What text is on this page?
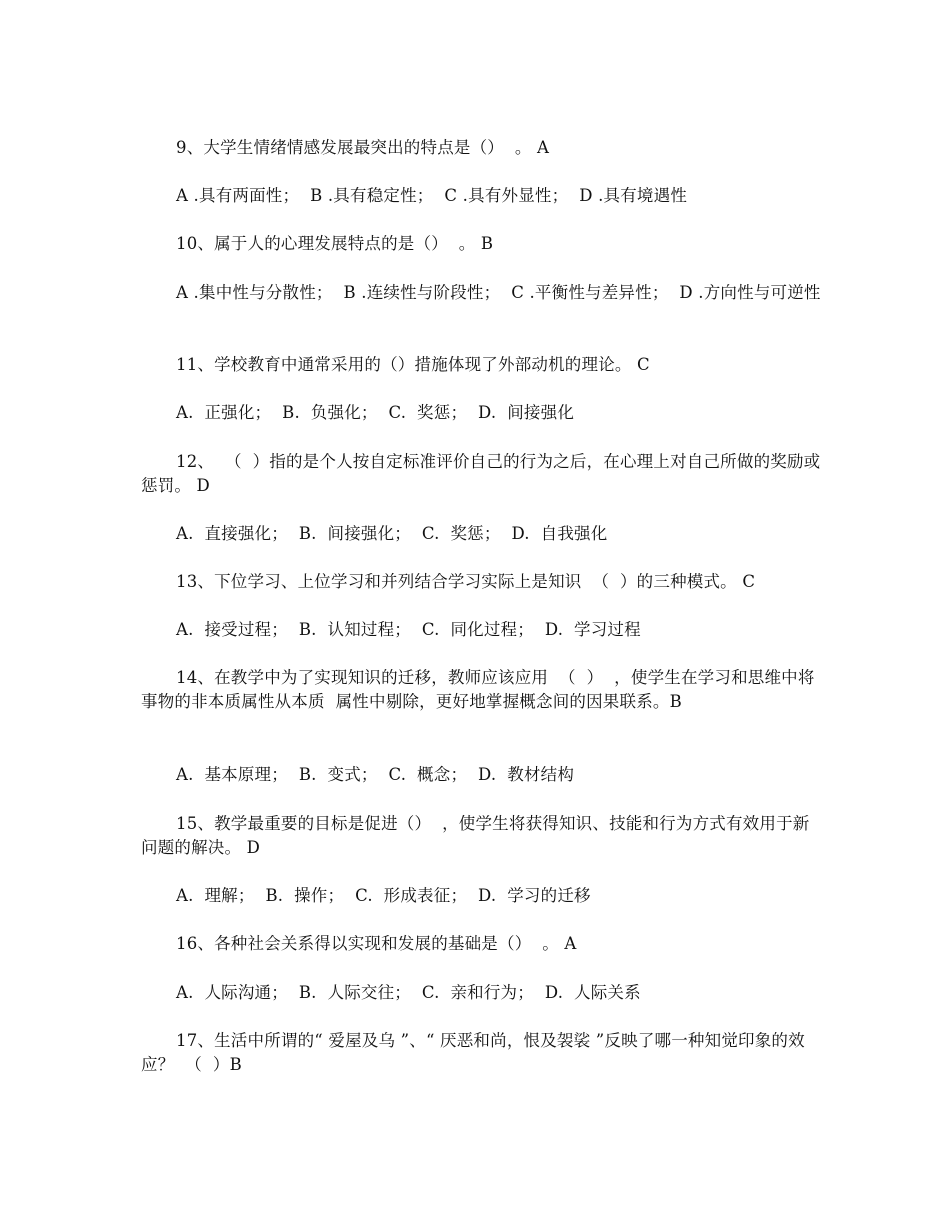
9、大学生情绪情感发展最突出的特点是（）  。 A
A .具有两面性；  B .具有稳定性；  C .具有外显性；  D .具有境遇性
10、属于人的心理发展特点的是（）  。 B
A .集中性与分散性；  B .连续性与阶段性；  C .平衡性与差异性；  D .方向性与可逆性
11、学校教育中通常采用的（）措施体现了外部动机的理论。 C
A.  正强化；  B.  负强化；  C.  奖惩；  D.  间接强化
12、  （  ）指的是个人按自定标准评价自己的行为之后，在心理上对自己所做的奖励或惩罚。 D
A.  直接强化；  B.  间接强化；  C.  奖惩；  D.  自我强化
13、下位学习、上位学习和并列结合学习实际上是知识  （  ）的三种模式。 C
A.  接受过程；  B.  认知过程；  C.  同化过程；  D.  学习过程
14、在教学中为了实现知识的迁移，教师应该应用  （  ）  ，使学生在学习和思维中将事物的非本质属性从本质  属性中剔除，更好地掌握概念间的因果联系。B
A.  基本原理；  B.  变式；  C.  概念；  D.  教材结构
15、教学最重要的目标是促进（）  ，使学生将获得知识、技能和行为方式有效用于新问题的解决。 D
A.  理解；  B.  操作；  C.  形成表征；  D.  学习的迁移
16、各种社会关系得以实现和发展的基础是（）  。 A
A.  人际沟通；  B.  人际交往；  C.  亲和行为；  D.  人际关系
17、生活中所谓的“ 爱屋及乌 ”、“ 厌恶和尚，恨及袈裟 ”反映了哪一种知觉印象的效应？  （  ）B
